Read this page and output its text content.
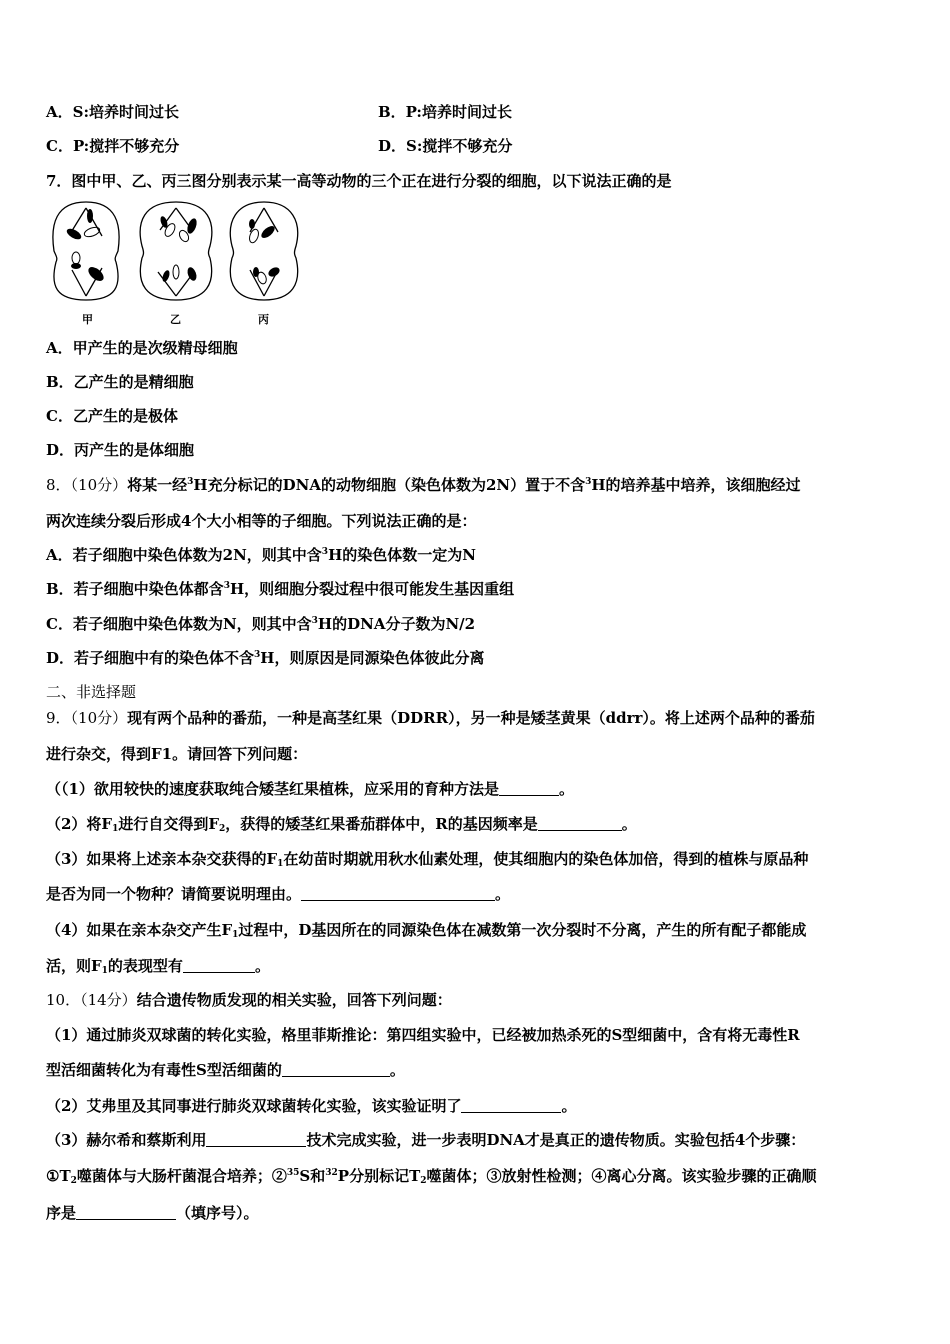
A．S:培养时间过长	B．P:培养时间过长
C．P:搅拌不够充分	D．S:搅拌不够充分
7．图中甲、乙、丙三图分别表示某一高等动物的三个正在进行分裂的细胞，以下说法正确的是
甲	乙	丙
A．甲产生的是次级精母细胞
B．乙产生的是精细胞
C．乙产生的是极体
D．丙产生的是体细胞
8．（10分）将某一经$^3$H充分标记的DNA的动物细胞（染色体数为2N）置于不含$^3$H的培养基中培养，该细胞经过
两次连续分裂后形成4个大小相等的子细胞。下列说法正确的是：
A．若子细胞中染色体数为2N，则其中含$^3$H的染色体数一定为N
B．若子细胞中染色体都含$^3$H，则细胞分裂过程中很可能发生基因重组
C．若子细胞中染色体数为N，则其中含$^3$H的DNA分子数为N/2
D．若子细胞中有的染色体不含$^3$H，则原因是同源染色体彼此分离
二、非选择题
9．（10分）现有两个品种的番茄，一种是高茎红果（DDRR），另一种是矮茎黄果（ddrr）。将上述两个品种的番茄
进行杂交，得到F1。请回答下列问题：
（（1）欲用较快的速度获取纯合矮茎红果植株，应采用的育种方法是	。
（2）将$F_1$进行自交得到$F_2$，获得的矮茎红果番茄群体中，R的基因频率是	。
（3）如果将上述亲本杂交获得的$F_1$在幼苗时期就用秋水仙素处理，使其细胞内的染色体加倍，得到的植株与原品种
是否为同一个物种？请简要说明理由。	。
（4）如果在亲本杂交产生$F_1$过程中，D基因所在的同源染色体在减数第一次分裂时不分离，产生的所有配子都能成
活，则$F_1$的表现型有	。
10．（14分）结合遗传物质发现的相关实验，回答下列问题：
（1）通过肺炎双球菌的转化实验，格里菲斯推论：第四组实验中，已经被加热杀死的S型细菌中，含有将无毒性R
型活细菌转化为有毒性S型活细菌的	。
（2）艾弗里及其同事进行肺炎双球菌转化实验，该实验证明了	。
（3）赫尔希和蔡斯利用	技术完成实验，进一步表明DNA才是真正的遗传物质。实验包括4个步骤：
$①T_2$噬菌体与大肠杆菌混合培养；②$^{35}$S和$^{32}$P分别标记$T_2$噬菌体；③放射性检测；④离心分离。该实验步骤的正确顺
序是	（填序号）。
